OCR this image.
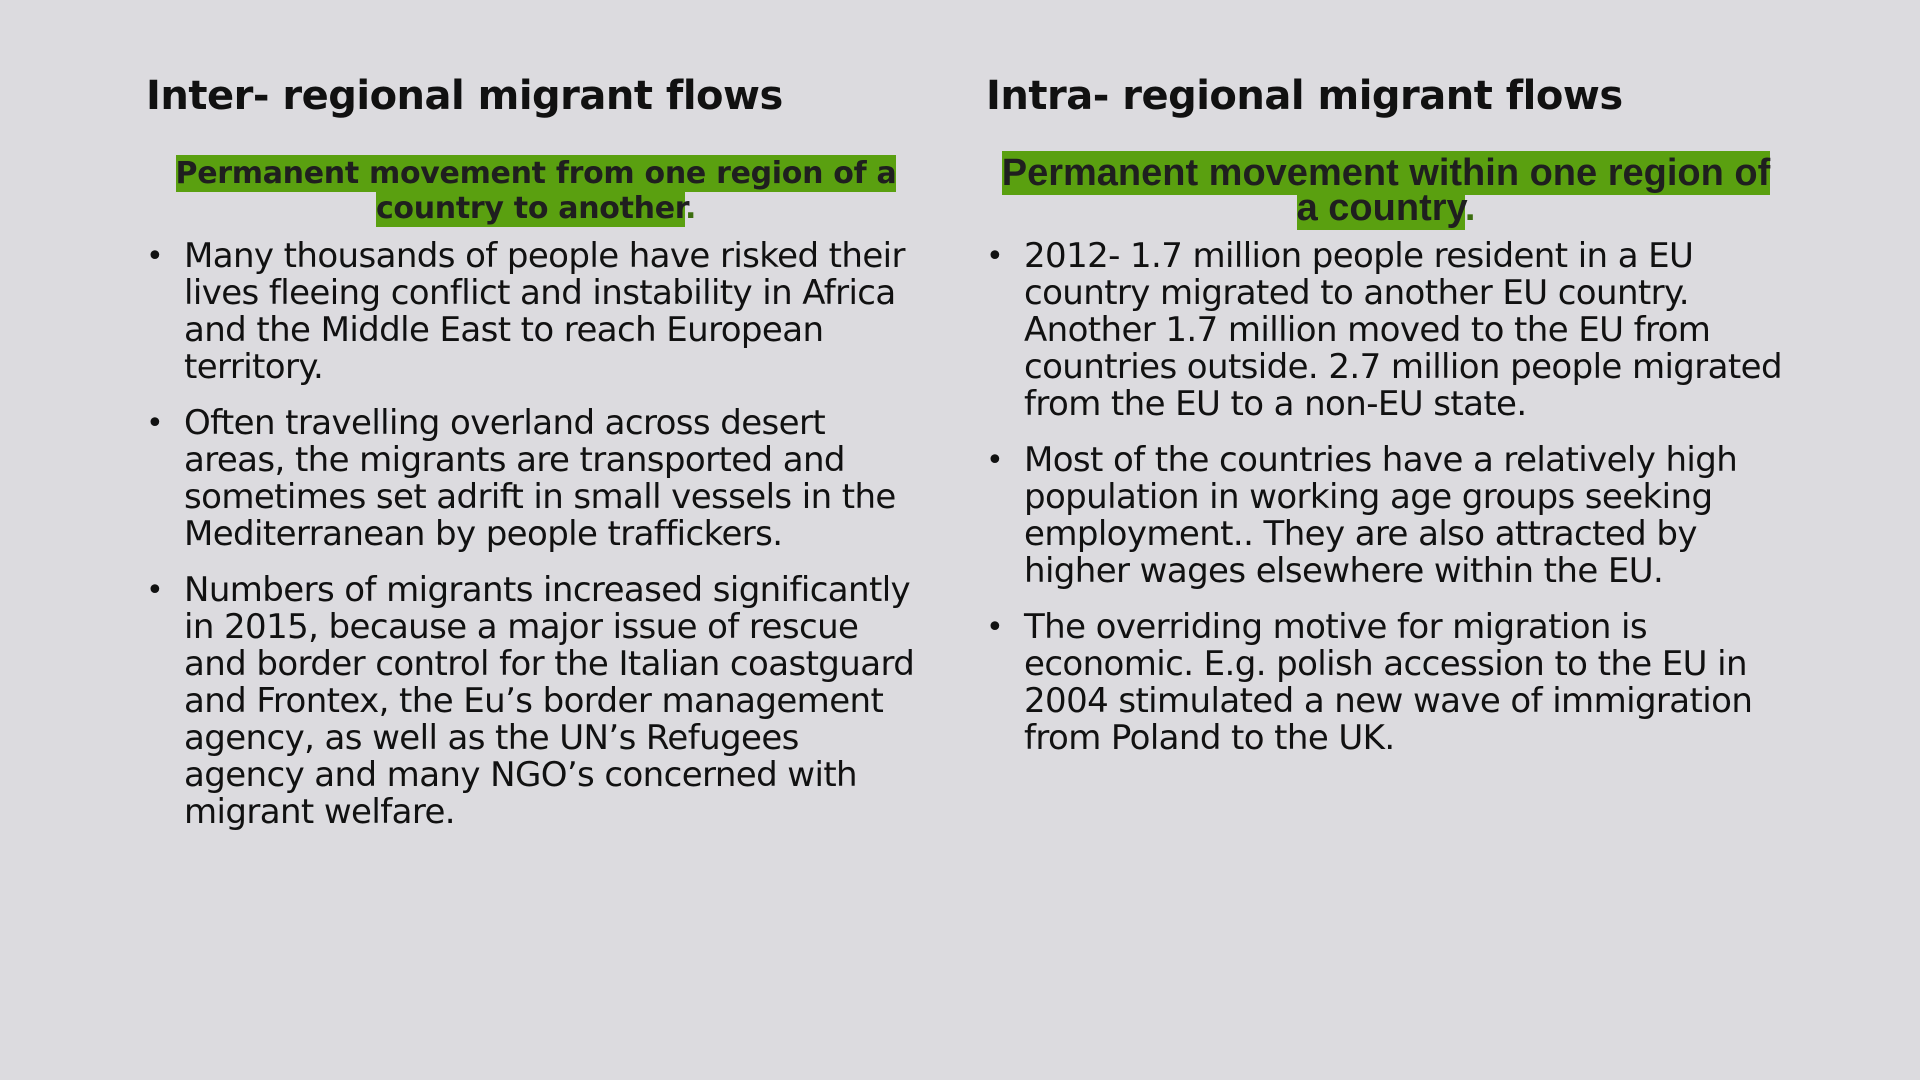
Inter- regional migrant flows
Permanent movement from one region of a country to another.
• Many thousands of people have risked their lives fleeing conflict and instability in Africa and the Middle East to reach European territory.
• Often travelling overland across desert areas, the migrants are transported and sometimes set adrift in small vessels in the Mediterranean by people traffickers.
• Numbers of migrants increased significantly in 2015, because a major issue of rescue and border control for the Italian coastguard and Frontex, the Eu’s border management agency, as well as the UN’s Refugees agency and many NGO’s concerned with migrant welfare.
Intra- regional migrant flows
Permanent movement within one region of a country.
• 2012- 1.7 million people resident in a EU country migrated to another EU country. Another 1.7 million moved to the EU from countries outside. 2.7 million people migrated from the EU to a non-EU state.
• Most of the countries have a relatively high population in working age groups seeking employment.. They are also attracted by higher wages elsewhere within the EU.
• The overriding motive for migration is economic. E.g. polish accession to the EU in 2004 stimulated a new wave of immigration from Poland to the UK.
